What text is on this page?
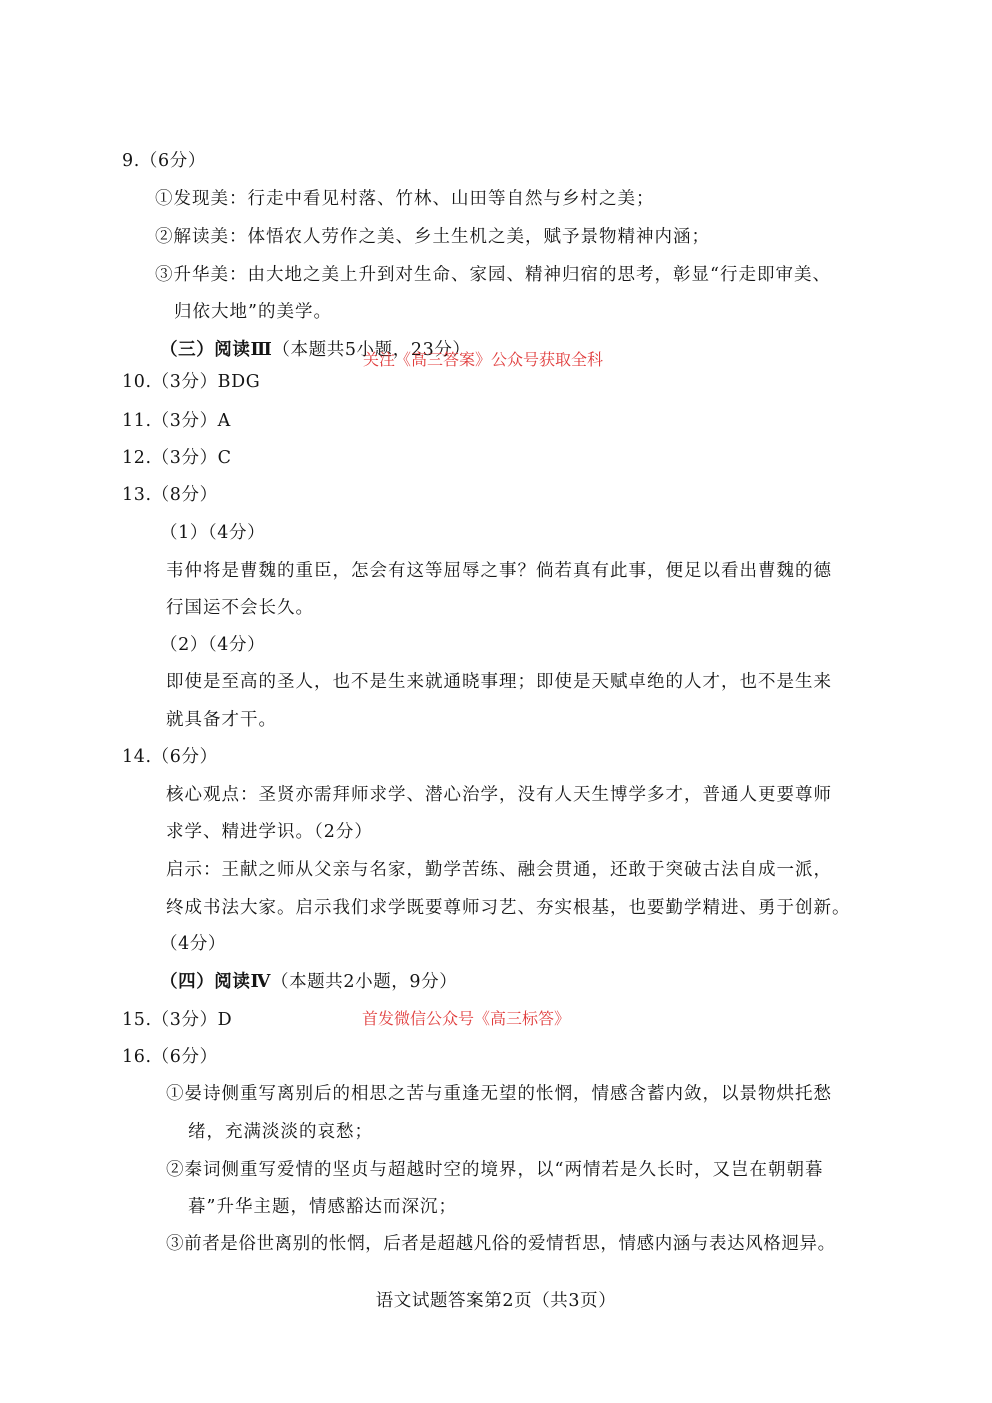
9.（6分）
①发现美：行走中看见村落、竹林、山田等自然与乡村之美；
②解读美：体悟农人劳作之美、乡土生机之美，赋予景物精神内涵；
③升华美：由大地之美上升到对生命、家园、精神归宿的思考，彰显“行走即审美、
归依大地”的美学。
（三）阅读Ⅲ（本题共5小题，23分）
关注《高三答案》公众号获取全科
10.（3分）BDG
11.（3分）A
12.（3分）C
13.（8分）
（1）（4分）
韦仲将是曹魏的重臣，怎会有这等屈辱之事？倘若真有此事，便足以看出曹魏的德
行国运不会长久。
（2）（4分）
即使是至高的圣人，也不是生来就通晓事理；即使是天赋卓绝的人才，也不是生来
就具备才干。
14.（6分）
核心观点：圣贤亦需拜师求学、潜心治学，没有人天生博学多才，普通人更要尊师
求学、精进学识。（2分）
启示：王献之师从父亲与名家，勤学苦练、融会贯通，还敢于突破古法自成一派，
终成书法大家。启示我们求学既要尊师习艺、夯实根基，也要勤学精进、勇于创新。
（4分）
（四）阅读Ⅳ（本题共2小题，9分）
15.（3分）D	首发微信公众号《高三标答》
16.（6分）
①晏诗侧重写离别后的相思之苦与重逢无望的怅惘，情感含蓄内敛，以景物烘托愁
绪，充满淡淡的哀愁；
②秦词侧重写爱情的坚贞与超越时空的境界，以“两情若是久长时，又岂在朝朝暮
暮”升华主题，情感豁达而深沉；
③前者是俗世离别的怅惘，后者是超越凡俗的爱情哲思，情感内涵与表达风格迥异。
语文试题答案第2页（共3页）
